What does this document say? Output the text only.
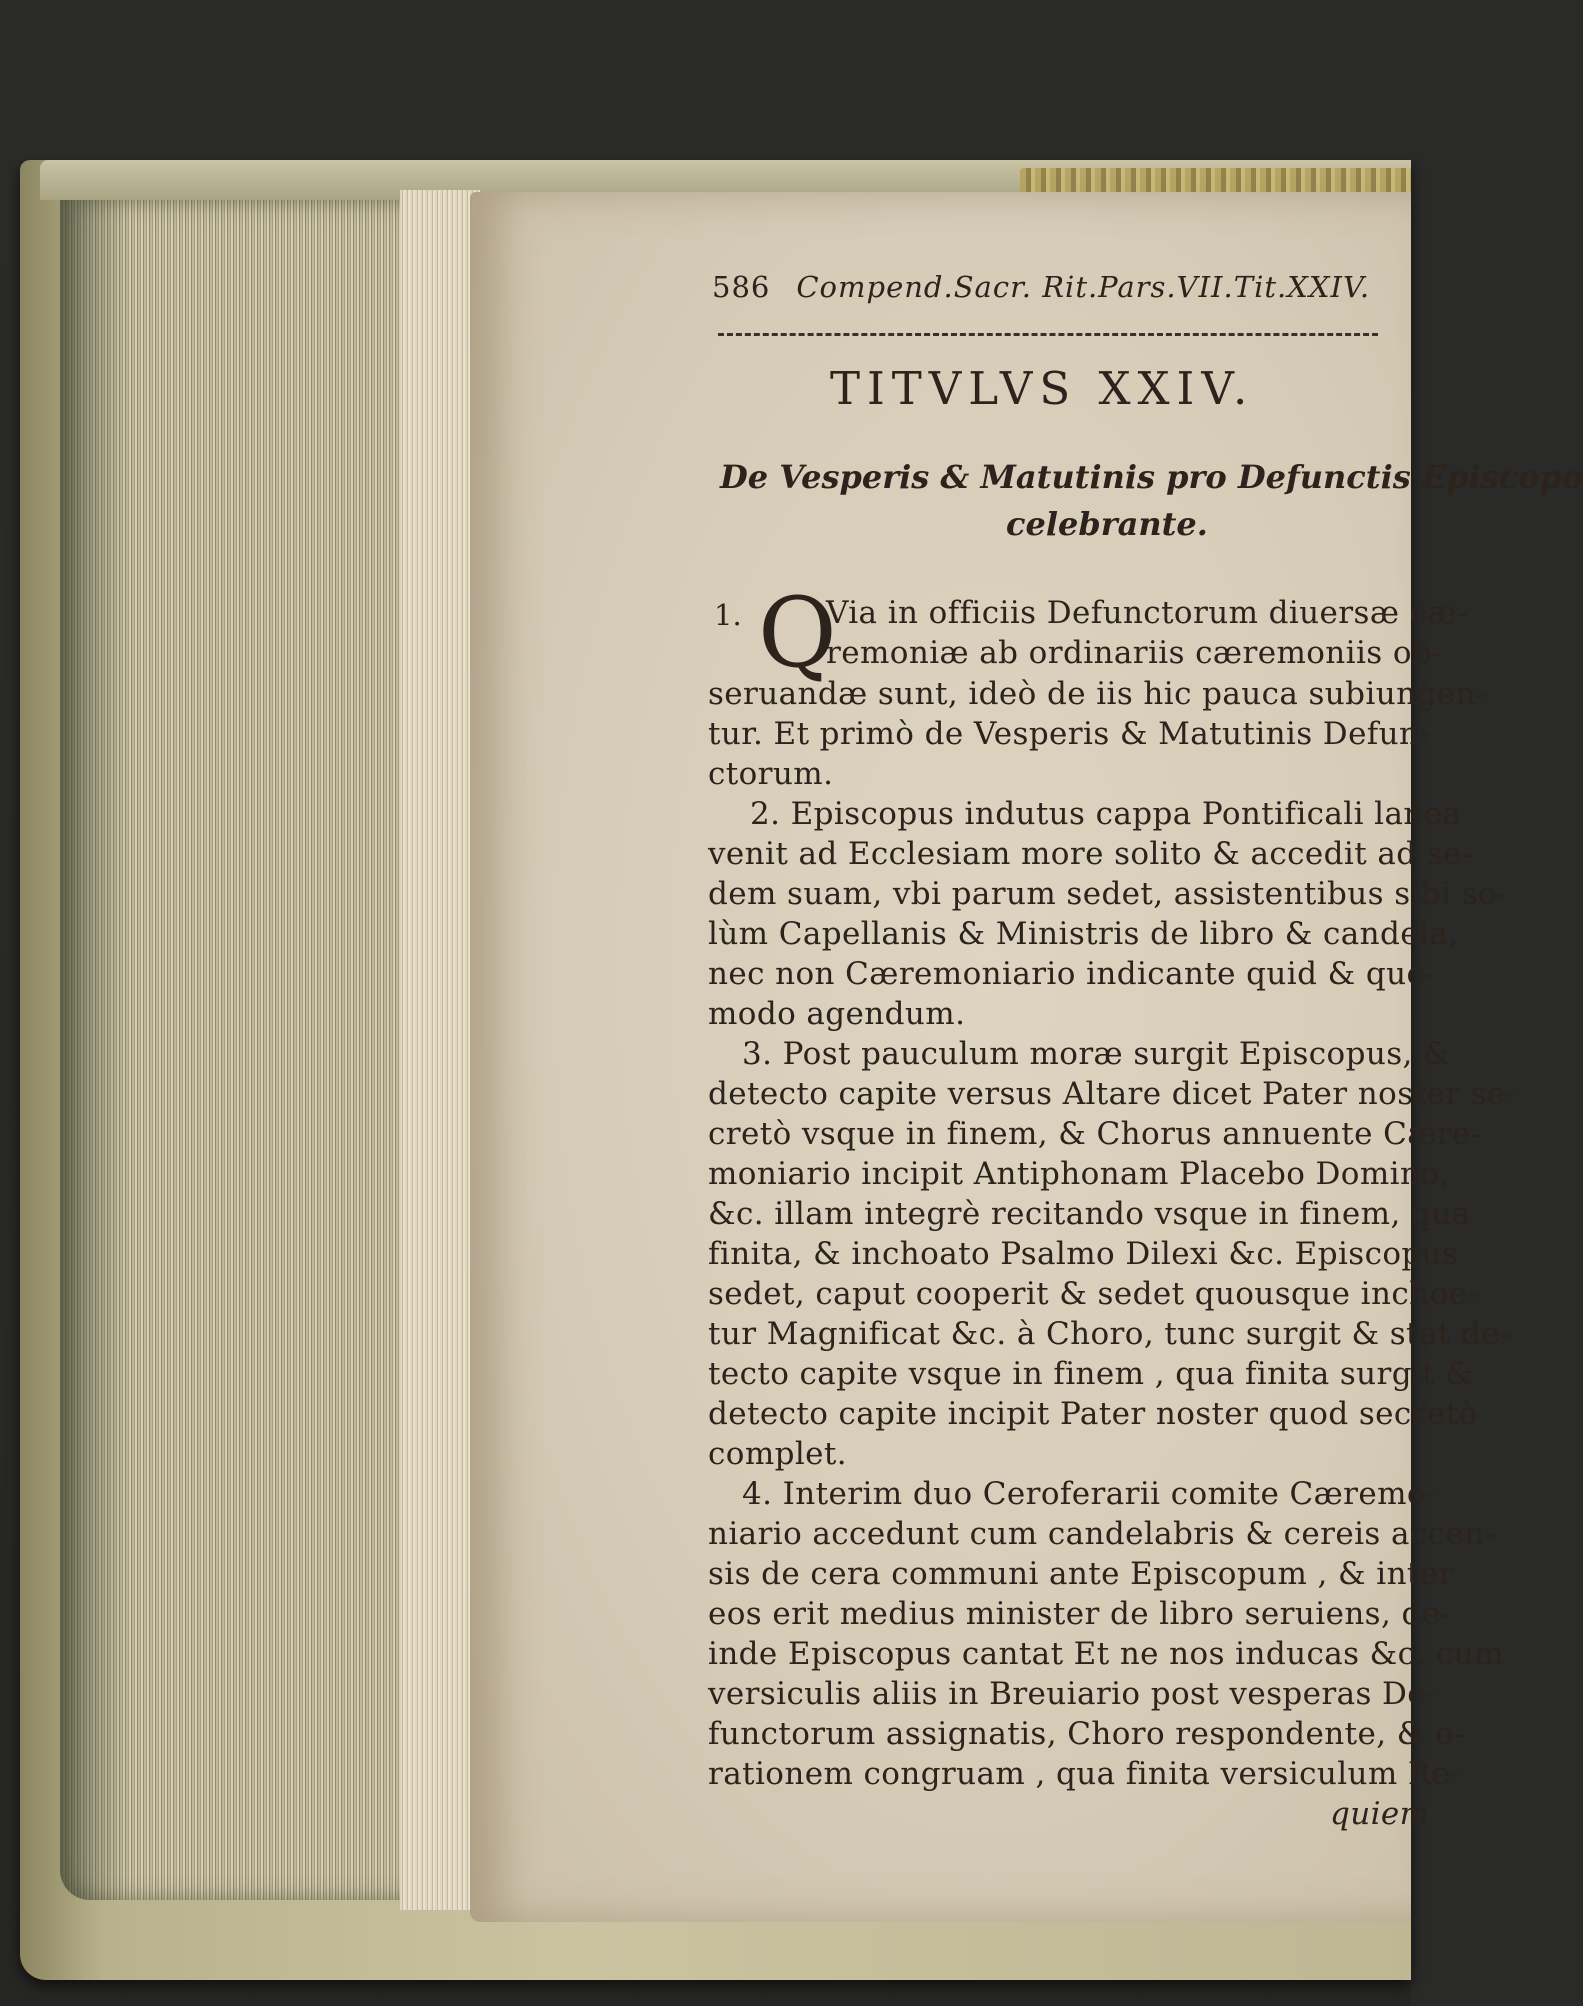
586 Compend.Sacr. Rit.Pars.VII.Tit.XXIV.
TITVLVS XXIV.
De Vesperis & Matutinis pro Defunctis Episcopo
celebrante.
1. Q
Via in officiis Defunctorum diuersæ cæ-
remoniæ ab ordinariis cæremoniis ob-
seruandæ sunt, ideò de iis hic pauca subiungen-
tur. Et primò de Vesperis & Matutinis Defun-
ctorum.
2. Episcopus indutus cappa Pontificali lanea
venit ad Ecclesiam more solito & accedit ad se-
dem suam, vbi parum sedet, assistentibus sibi so-
lùm Capellanis & Ministris de libro & candela,
nec non Cæremoniario indicante quid & quo-
modo agendum.
3. Post pauculum moræ surgit Episcopus, &
detecto capite versus Altare dicet Pater noster se-
cretò vsque in finem, & Chorus annuente Cære-
moniario incipit Antiphonam Placebo Domino,
&c. illam integrè recitando vsque in finem, qua
finita, & inchoato Psalmo Dilexi &c. Episcopus
sedet, caput cooperit & sedet quousque inchoe-
tur Magnificat &c. à Choro, tunc surgit & stat de-
tecto capite vsque in finem , qua finita surgit &
detecto capite incipit Pater noster quod secretò
complet.
4. Interim duo Ceroferarii comite Cæremo-
niario accedunt cum candelabris & cereis accen-
sis de cera communi ante Episcopum , & inter
eos erit medius minister de libro seruiens, de-
inde Episcopus cantat Et ne nos inducas &c. cum
versiculis aliis in Breuiario post vesperas De-
functorum assignatis, Choro respondente, & o-
rationem congruam , qua finita versiculum Re-
quiem
